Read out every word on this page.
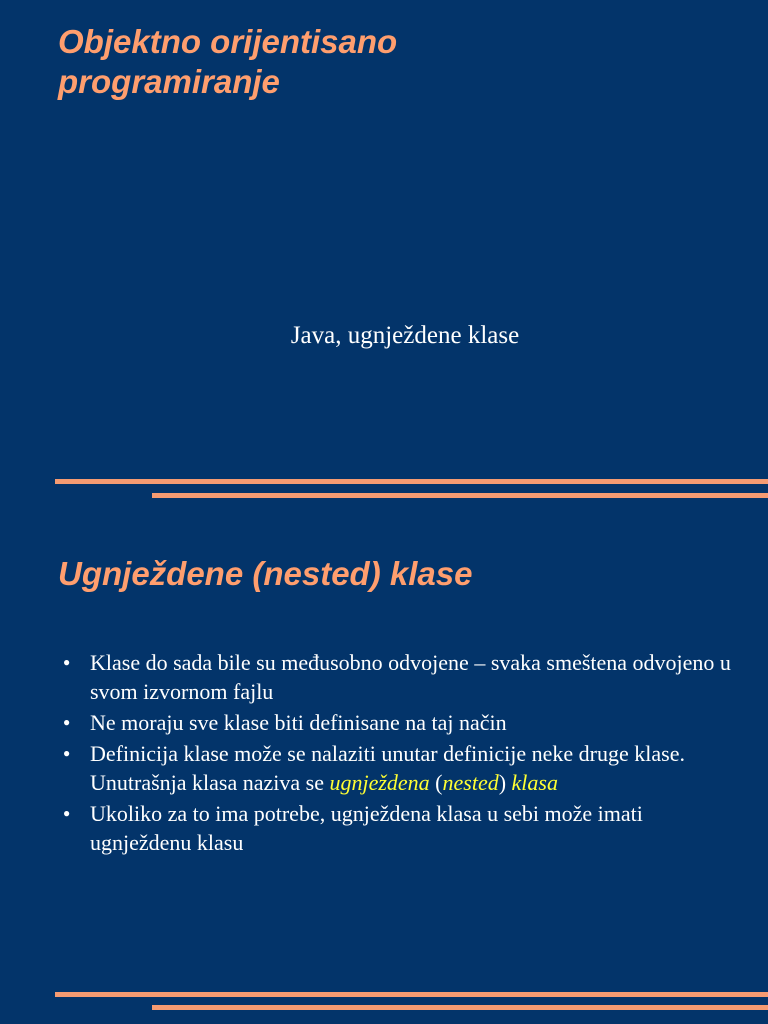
Objektno orijentisano programiranje
Java, ugnježdene klase
Ugnježdene (nested) klase
● Klase do sada bile su međusobno odvojene – svaka smeštena odvojeno u svom izvornom fajlu
● Ne moraju sve klase biti definisane na taj način
● Definicija klase može se nalaziti unutar definicije neke druge klase. Unutrašnja klasa naziva se ugnježdena (nested) klasa
● Ukoliko za to ima potrebe, ugnježdena klasa u sebi može imati ugnježdenu klasu
